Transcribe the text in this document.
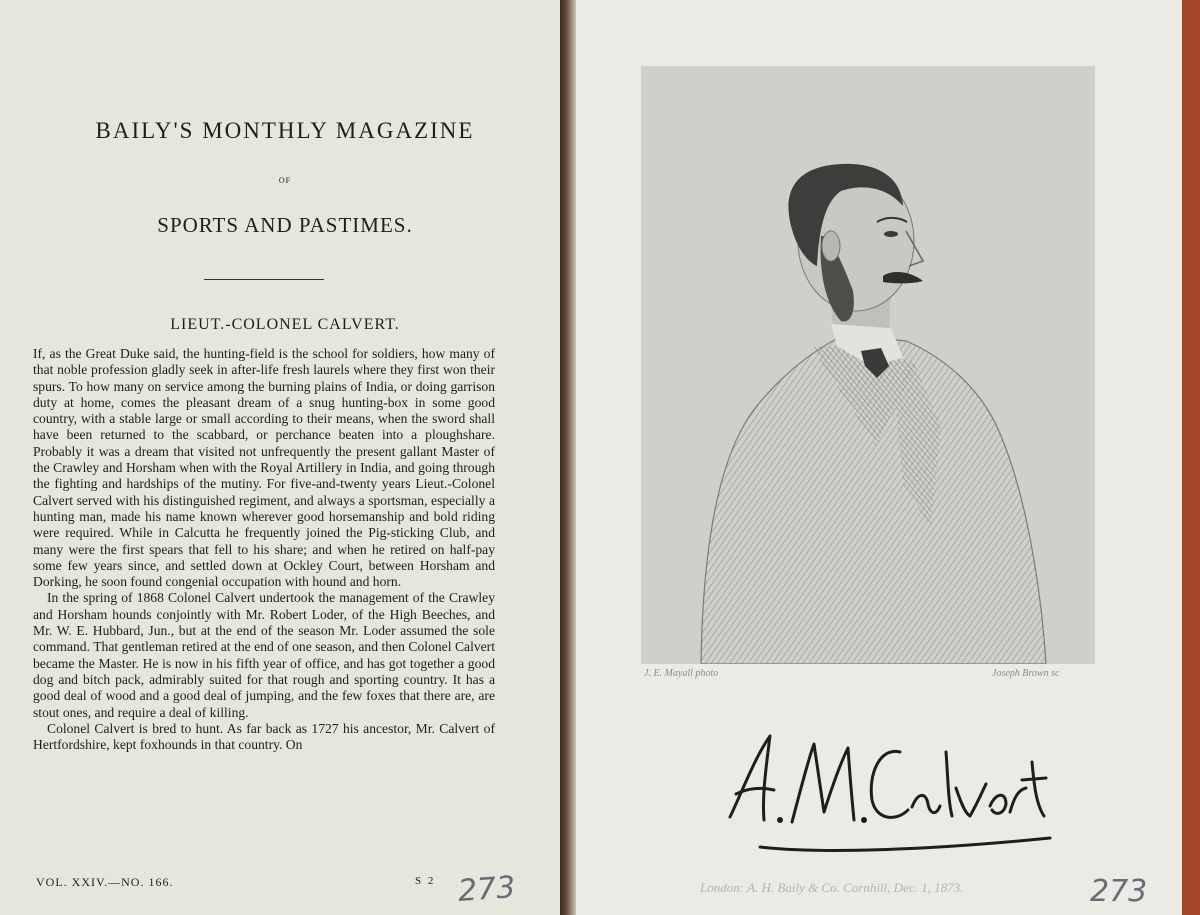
BAILY'S MONTHLY MAGAZINE
OF
SPORTS AND PASTIMES.
LIEUT.-COLONEL CALVERT.

If, as the Great Duke said, the hunting-field is the school for soldiers, how many of that noble profession gladly seek in after-life fresh laurels where they first won their spurs. To how many on service among the burning plains of India, or doing garrison duty at home, comes the pleasant dream of a snug hunting-box in some good country, with a stable large or small according to their means, when the sword shall have been returned to the scabbard, or perchance beaten into a ploughshare. Probably it was a dream that visited not unfrequently the present gallant Master of the Crawley and Horsham when with the Royal Artillery in India, and going through the fighting and hardships of the mutiny. For five-and-twenty years Lieut.-Colonel Calvert served with his distinguished regiment, and always a sportsman, especially a hunting man, made his name known wherever good horsemanship and bold riding were required. While in Calcutta he frequently joined the Pig-sticking Club, and many were the first spears that fell to his share; and when he retired on half-pay some few years since, and settled down at Ockley Court, between Horsham and Dorking, he soon found congenial occupation with hound and horn.

In the spring of 1868 Colonel Calvert undertook the management of the Crawley and Horsham hounds conjointly with Mr. Robert Loder, of the High Beeches, and Mr. W. E. Hubbard, Jun., but at the end of the season Mr. Loder assumed the sole command. That gentleman retired at the end of one season, and then Colonel Calvert became the Master. He is now in his fifth year of office, and has got together a good dog and bitch pack, admirably suited for that rough and sporting country. It has a good deal of wood and a good deal of jumping, and the few foxes that there are, are stout ones, and require a deal of killing.

Colonel Calvert is bred to hunt. As far back as 1727 his ancestor, Mr. Calvert of Hertfordshire, kept foxhounds in that country. On

VOL. XXIV.—NO. 166.	S 2 273
J. E. Mayall photo	Joseph Brown sc
London: A. H. Baily & Co. Cornhill, Dec. 1, 1873.	273
